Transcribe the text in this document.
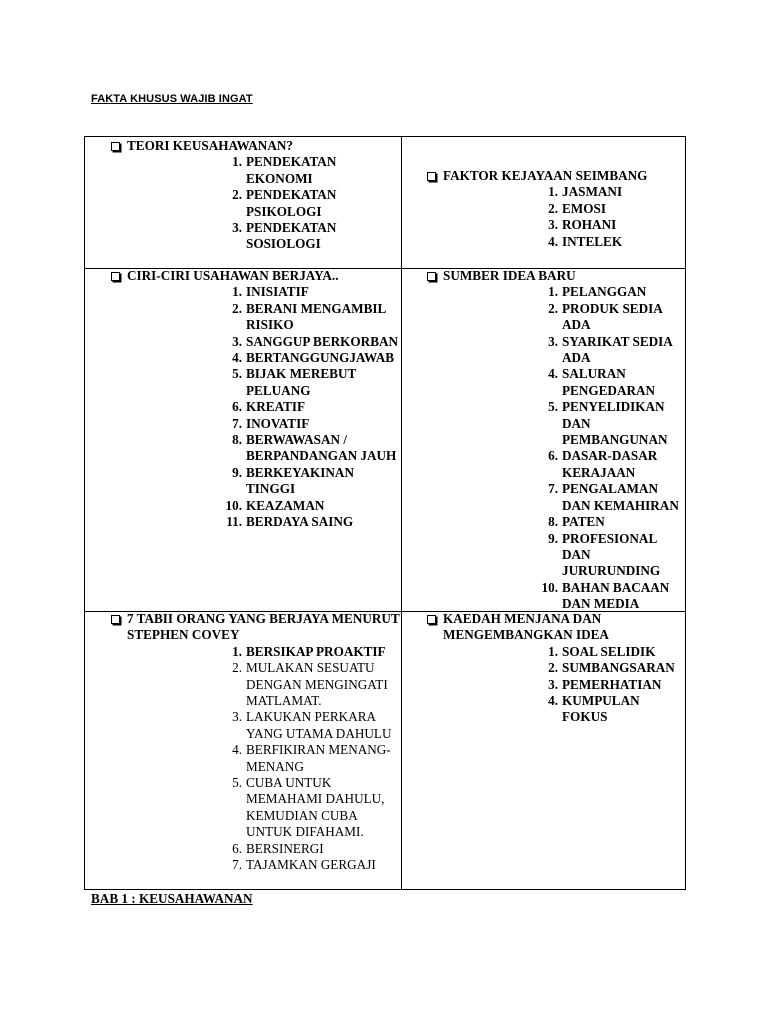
FAKTA KHUSUS WAJIB INGAT
TEORI KEUSAHAWANAN?
1. PENDEKATAN EKONOMI
2. PENDEKATAN PSIKOLOGI
3. PENDEKATAN SOSIOLOGI
FAKTOR KEJAYAAN SEIMBANG
1. JASMANI
2. EMOSI
3. ROHANI
4. INTELEK
CIRI-CIRI USAHAWAN BERJAYA..
1. INISIATIF
2. BERANI MENGAMBIL RISIKO
3. SANGGUP BERKORBAN
4. BERTANGGUNGJAWAB
5. BIJAK MEREBUT PELUANG
6. KREATIF
7. INOVATIF
8. BERWAWASAN / BERPANDANGAN JAUH
9. BERKEYAKINAN TINGGI
10. KEAZAMAN
11. BERDAYA SAING
SUMBER IDEA BARU
1. PELANGGAN
2. PRODUK SEDIA ADA
3. SYARIKAT SEDIA ADA
4. SALURAN PENGEDARAN
5. PENYELIDIKAN DAN PEMBANGUNAN
6. DASAR-DASAR KERAJAAN
7. PENGALAMAN DAN KEMAHIRAN
8. PATEN
9. PROFESIONAL DAN JURURUNDING
10. BAHAN BACAAN DAN MEDIA
7 TABII ORANG YANG BERJAYA MENURUT STEPHEN COVEY
1. BERSIKAP PROAKTIF
2. MULAKAN SESUATU DENGAN MENGINGATI MATLAMAT.
3. LAKUKAN PERKARA YANG UTAMA DAHULU
4. BERFIKIRAN MENANG-MENANG
5. CUBA UNTUK MEMAHAMI DAHULU, KEMUDIAN CUBA UNTUK DIFAHAMI.
6. BERSINERGI
7. TAJAMKAN GERGAJI
KAEDAH MENJANA DAN MENGEMBANGKAN IDEA
1. SOAL SELIDIK
2. SUMBANGSARAN
3. PEMERHATIAN
4. KUMPULAN FOKUS
BAB 1 : KEUSAHAWANAN
